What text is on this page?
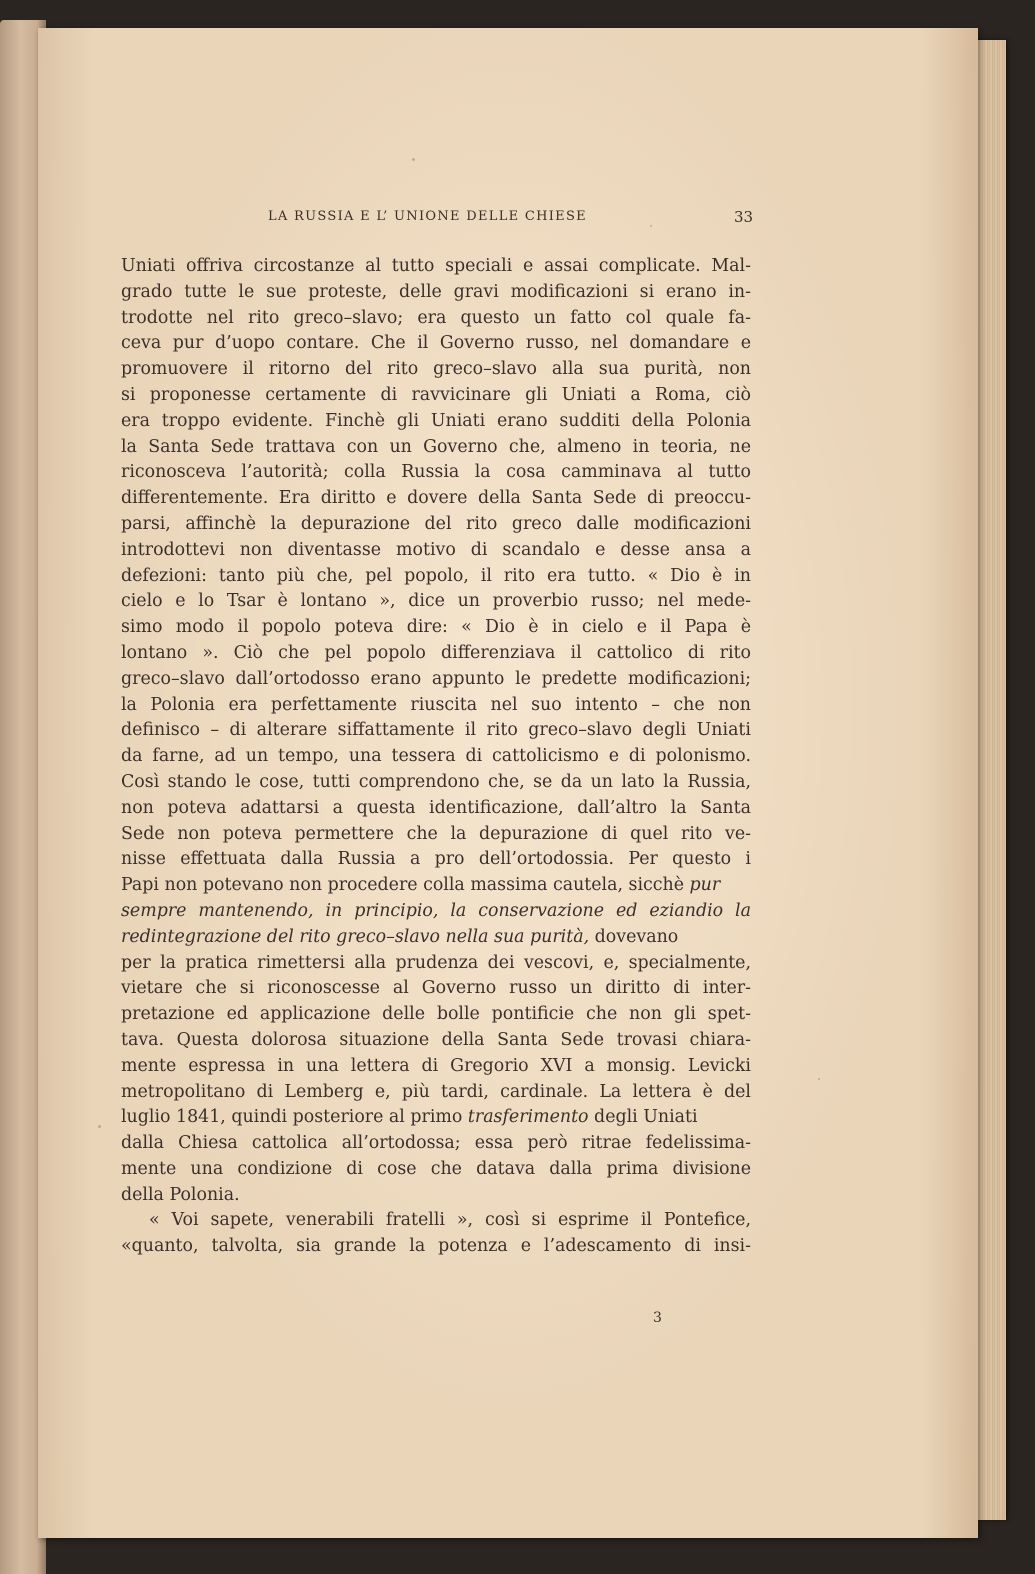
LA RUSSIA E L’ UNIONE DELLE CHIESE	33
Uniati offriva circostanze al tutto speciali e assai complicate. Mal-
grado tutte le sue proteste, delle gravi modificazioni si erano in-
trodotte nel rito greco–slavo; era questo un fatto col quale fa-
ceva pur d’uopo contare. Che il Governo russo, nel domandare e
promuovere il ritorno del rito greco–slavo alla sua purità, non
si proponesse certamente di ravvicinare gli Uniati a Roma, ciò
era troppo evidente. Finchè gli Uniati erano sudditi della Polonia
la Santa Sede trattava con un Governo che, almeno in teoria, ne
riconosceva l’autorità; colla Russia la cosa camminava al tutto
differentemente. Era diritto e dovere della Santa Sede di preoccu-
parsi, affinchè la depurazione del rito greco dalle modificazioni
introdottevi non diventasse motivo di scandalo e desse ansa a
defezioni: tanto più che, pel popolo, il rito era tutto. « Dio è in
cielo e lo Tsar è lontano », dice un proverbio russo; nel mede-
simo modo il popolo poteva dire: « Dio è in cielo e il Papa è
lontano ». Ciò che pel popolo differenziava il cattolico di rito
greco–slavo dall’ortodosso erano appunto le predette modificazioni;
la Polonia era perfettamente riuscita nel suo intento – che non
definisco – di alterare siffattamente il rito greco–slavo degli Uniati
da farne, ad un tempo, una tessera di cattolicismo e di polonismo.
Così stando le cose, tutti comprendono che, se da un lato la Russia,
non poteva adattarsi a questa identificazione, dall’altro la Santa
Sede non poteva permettere che la depurazione di quel rito ve-
nisse effettuata dalla Russia a pro dell’ortodossia. Per questo i
Papi non potevano non procedere colla massima cautela, sicchè pur
sempre mantenendo, in principio, la conservazione ed eziandio la
redintegrazione del rito greco–slavo nella sua purità, dovevano
per la pratica rimettersi alla prudenza dei vescovi, e, specialmente,
vietare che si riconoscesse al Governo russo un diritto di inter-
pretazione ed applicazione delle bolle pontificie che non gli spet-
tava. Questa dolorosa situazione della Santa Sede trovasi chiara-
mente espressa in una lettera di Gregorio XVI a monsig. Levicki
metropolitano di Lemberg e, più tardi, cardinale. La lettera è del
luglio 1841, quindi posteriore al primo trasferimento degli Uniati
dalla Chiesa cattolica all’ortodossa; essa però ritrae fedelissima-
mente una condizione di cose che datava dalla prima divisione
della Polonia.
« Voi sapete, venerabili fratelli », così si esprime il Pontefice,
«quanto, talvolta, sia grande la potenza e l’adescamento di insi-
3
